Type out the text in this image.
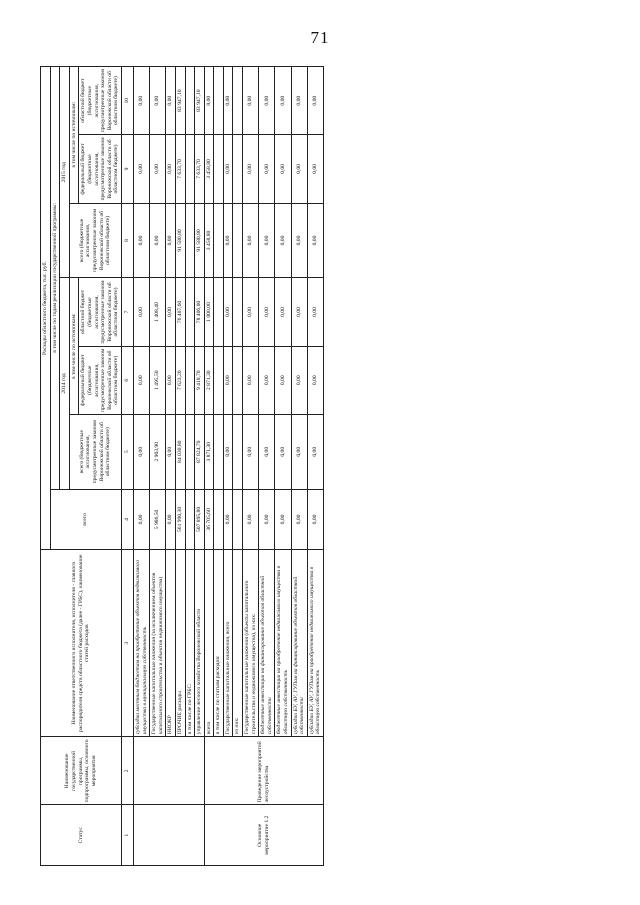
71
Статус	Наименование государственной программы, подпрограммы, основного мероприятия	Наименование ответственного исполнителя, исполнителя - главного распорядителя средств областного бюджета (далее - ГРБС), наименование статей расходов	Расходы областного бюджета, тыс. руб.						
			всего	в том числе по годам реализации государственной программы:					
				2014 год			2015 год		
				всего (бюджетные ассигнования, предусмотренные законом Воронежской области об областном бюджете)	в том числе по источникам:		всего (бюджетные ассигнования, предусмотренные законом Воронежской области об областном бюджете)	в том числе по источникам:	
					федеральный бюджет (бюджетные ассигнования, предусмотренные законом Воронежской области об областном бюджете)	областной бюджет (бюджетные ассигнования, предусмотренные законом Воронежской области об областном бюджете)		федеральный бюджет (бюджетные ассигнования, предусмотренные законом Воронежской области об областном бюджете)	областной бюджет (бюджетные ассигнования, предусмотренные законом Воронежской области об областном бюджете)
1	2	3	4	5	6	7	8	9	10
		субсидии местным бюджетам на приобретение объектов недвижимого имущества в муниципальную собственность	0,00	0,00	0,00	0,00	0,00	0,00	0,00
		Государственные капитальные вложения (за исключением объектов капитального строительства и объектов недвижимого имущества)	5 986,50	2 903,90	1 495,50	1 408,40	0,00	0,00	0,00
		НИОКР	0,00	0,00	0,00	0,00	0,00	0,00	0,00
		ПРОЧИЕ расходы	561 990,30	84 030,80	7 623,20	76 407,60	91 580,80	7 633,70	83 947,10
		в том числе по ГРБС:							
		управление лесного хозяйства Воронежской области	507 895,80	87 824,70	9 418,70	78 406,00	91 580,80	7 633,70	83 947,10
Основное мероприятие 1.2	Проведение мероприятий лесоустройства	всего	36 705,60	3 871,30	2 871,30	1 000,00	3 458,80	3 458,80	0,00
		в том числе по статьям расходов:							
		Государственные капитальные вложения, всего	0,00	0,00	0,00	0,00	0,00	0,00	0,00
		из них:							
		Государственные капитальные вложения (объекты капитального строительства и недвижимого имущества), из них:	0,00	0,00	0,00	0,00	0,00	0,00	0,00
		бюджетные инвестиции на финансирование объектов областной собственности	0,00	0,00	0,00	0,00	0,00	0,00	0,00
		бюджетные инвестиции на приобретение недвижимого имущества в областную собственность	0,00	0,00	0,00	0,00	0,00	0,00	0,00
		субсидии БУ, АУ, ГУПам на финансирование объектов областной собственности	0,00	0,00	0,00	0,00	0,00	0,00	0,00
		субсидии БУ, АУ, ГУПам на приобретение недвижимого имущества в областную собственность	0,00	0,00	0,00	0,00	0,00	0,00	0,00
